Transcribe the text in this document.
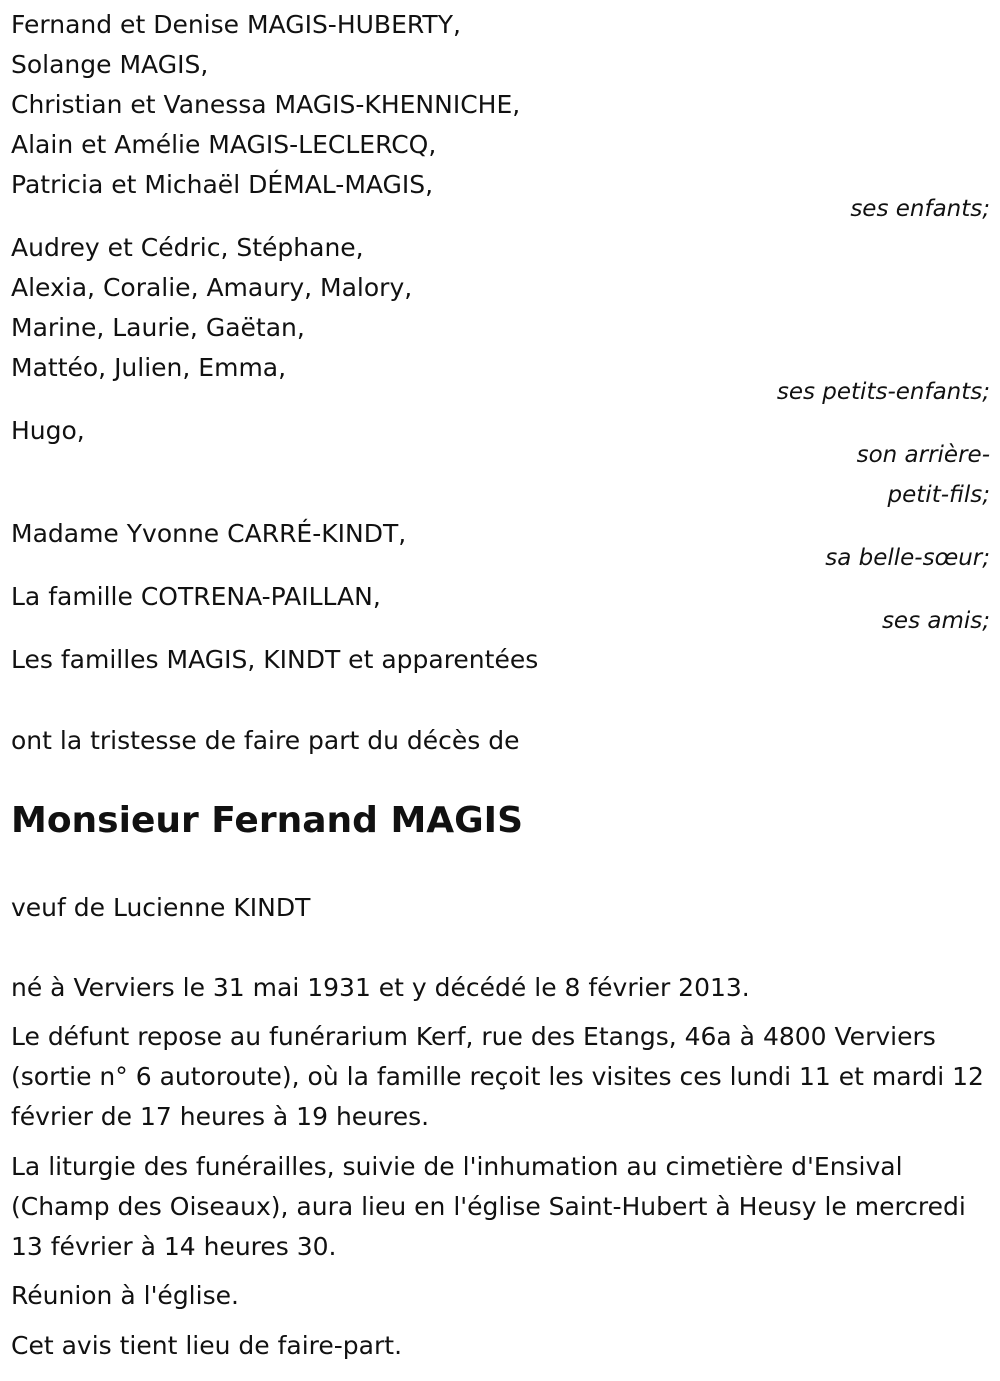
Fernand et Denise MAGIS-HUBERTY,

Solange MAGIS,

Christian et Vanessa MAGIS-KHENNICHE,

Alain et Amélie MAGIS-LECLERCQ,

Patricia et Michaël DÉMAL-MAGIS,

ses enfants;

Audrey et Cédric, Stéphane,

Alexia, Coralie, Amaury, Malory,

Marine, Laurie, Gaëtan,

Mattéo, Julien, Emma,

ses petits-enfants;

Hugo,

son arrière-

petit-fils;

Madame Yvonne CARRÉ-KINDT,

sa belle-sœur;

La famille COTRENA-PAILLAN,

ses amis;

Les familles MAGIS, KINDT et apparentées

ont la tristesse de faire part du décès de

Monsieur Fernand MAGIS

veuf de Lucienne KINDT

né à Verviers le 31 mai 1931 et y décédé le 8 février 2013.

Le défunt repose au funérarium Kerf, rue des Etangs, 46a à 4800 Verviers (sortie n° 6 autoroute), où la famille reçoit les visites ces lundi 11 et mardi 12 février de 17 heures à 19 heures.

La liturgie des funérailles, suivie de l'inhumation au cimetière d'Ensival (Champ des Oiseaux), aura lieu en l'église Saint-Hubert à Heusy le mercredi 13 février à 14 heures 30.

Réunion à l'église.

Cet avis tient lieu de faire-part.
